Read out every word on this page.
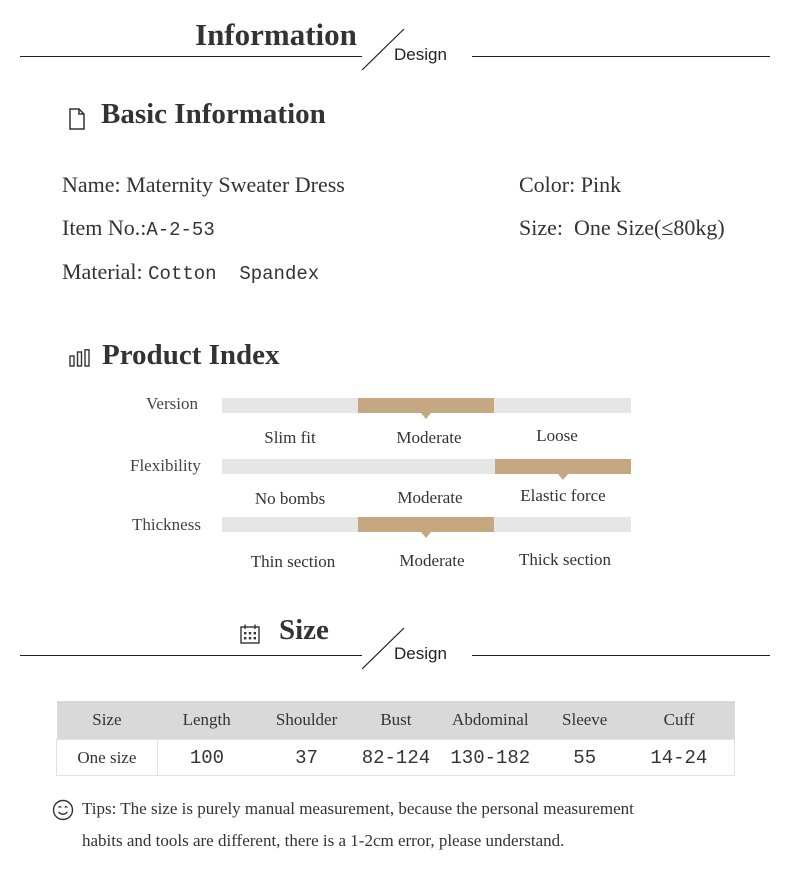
Information
Design
Basic Information
Name: Maternity Sweater Dress
Item No.:A-2-53
Material: Cotton  Spandex
Color: Pink
Size: One Size(≤80kg)
Product Index
Version
Slim fit	Moderate	Loose
Flexibility
No bombs	Moderate	Elastic force
Thickness
Thin section	Moderate	Thick section
Size
Design
Size	Length	Shoulder	Bust	Abdominal	Sleeve	Cuff
One size	100	37	82-124	130-182	55	14-24
Tips: The size is purely manual measurement, because the personal measurement
habits and tools are different, there is a 1-2cm error, please understand.
